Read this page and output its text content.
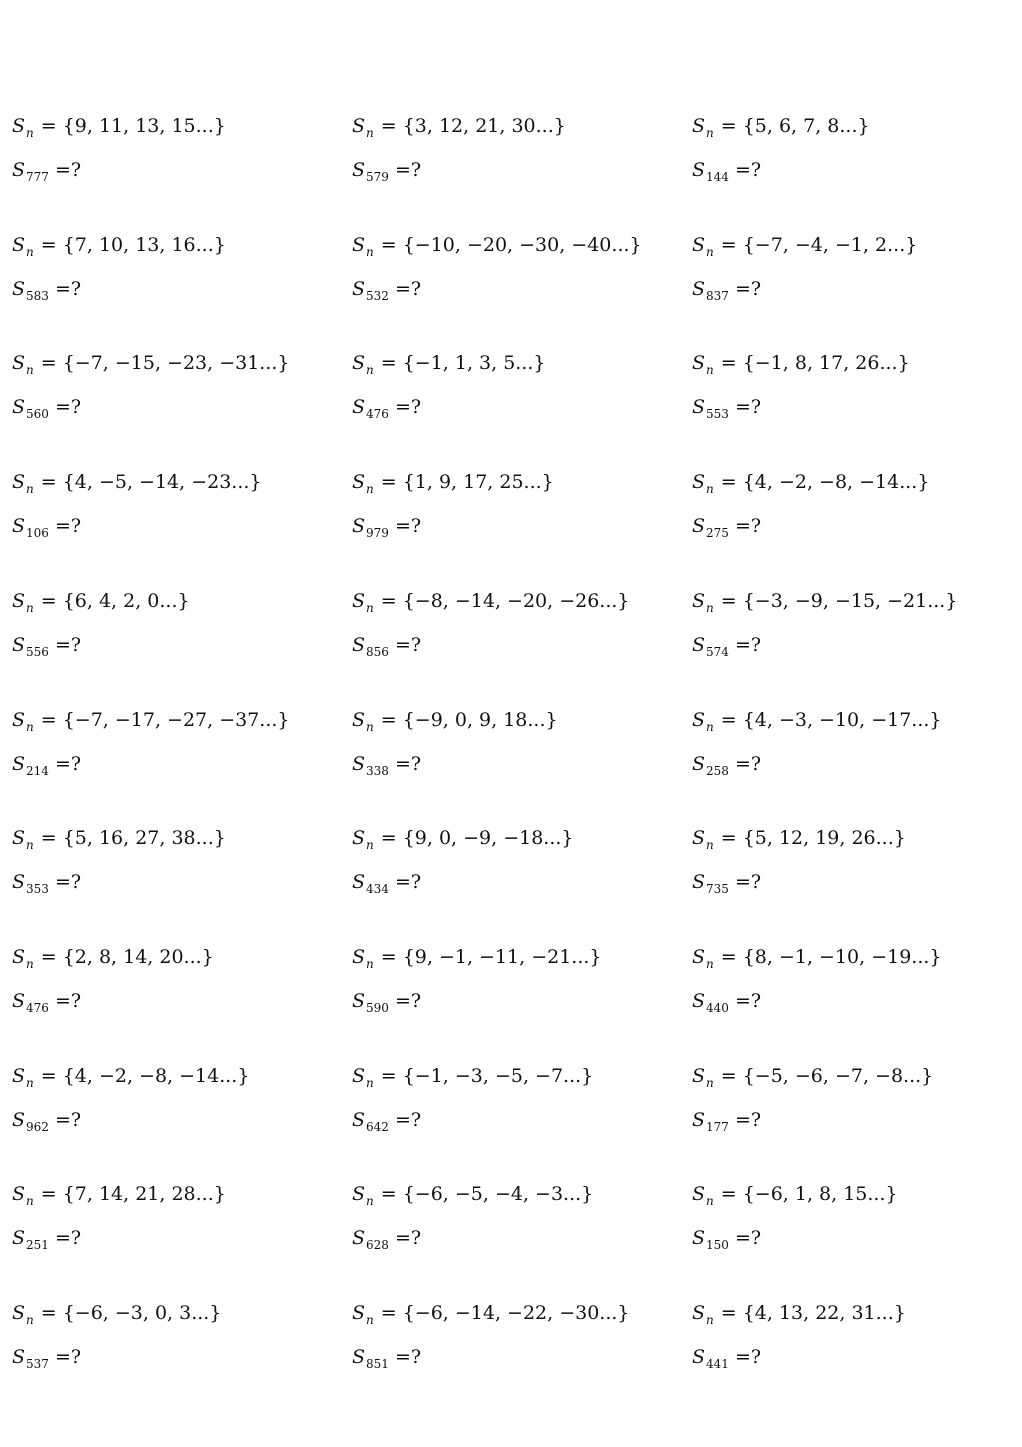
$S_n = \{9$, 11, 13, 15...}
$S_{777}$ =?
$S_n = \{3$, 12, 21, 30...}
$S_{579}$ =?
$S_n = \{5$, 6, 7, 8...}
$S_{144}$ =?
$S_n = \{7$, 10, 13, 16...}
$S_{583}$ =?
$S_n = \{-10$, −20, −30, −40...}
$S_{532}$ =?
$S_n = \{-7$, −4, −1, 2...}
$S_{837}$ =?
$S_n = \{-7$, −15, −23, −31...}
$S_{560}$ =?
$S_n = \{-1$, 1, 3, 5...}
$S_{476}$ =?
$S_n = \{-1$, 8, 17, 26...}
$S_{553}$ =?
$S_n = \{4$, −5, −14, −23...}
$S_{106}$ =?
$S_n = \{1$, 9, 17, 25...}
$S_{979}$ =?
$S_n = \{4$, −2, −8, −14...}
$S_{275}$ =?
$S_n = \{6$, 4, 2, 0...}
$S_{556}$ =?
$S_n = \{-8$, −14, −20, −26...}
$S_{856}$ =?
$S_n = \{-3$, −9, −15, −21...}
$S_{574}$ =?
$S_n = \{-7$, −17, −27, −37...}
$S_{214}$ =?
$S_n = \{-9$, 0, 9, 18...}
$S_{338}$ =?
$S_n = \{4$, −3, −10, −17...}
$S_{258}$ =?
$S_n = \{5$, 16, 27, 38...}
$S_{353}$ =?
$S_n = \{9$, 0, −9, −18...}
$S_{434}$ =?
$S_n = \{5$, 12, 19, 26...}
$S_{735}$ =?
$S_n = \{2$, 8, 14, 20...}
$S_{476}$ =?
$S_n = \{9$, −1, −11, −21...}
$S_{590}$ =?
$S_n = \{8$, −1, −10, −19...}
$S_{440}$ =?
$S_n = \{4$, −2, −8, −14...}
$S_{962}$ =?
$S_n = \{-1$, −3, −5, −7...}
$S_{642}$ =?
$S_n = \{-5$, −6, −7, −8...}
$S_{177}$ =?
$S_n = \{7$, 14, 21, 28...}
$S_{251}$ =?
$S_n = \{-6$, −5, −4, −3...}
$S_{628}$ =?
$S_n = \{-6$, 1, 8, 15...}
$S_{150}$ =?
$S_n = \{-6$, −3, 0, 3...}
$S_{537}$ =?
$S_n = \{-6$, −14, −22, −30...}
$S_{851}$ =?
$S_n = \{4$, 13, 22, 31...}
$S_{441}$ =?
